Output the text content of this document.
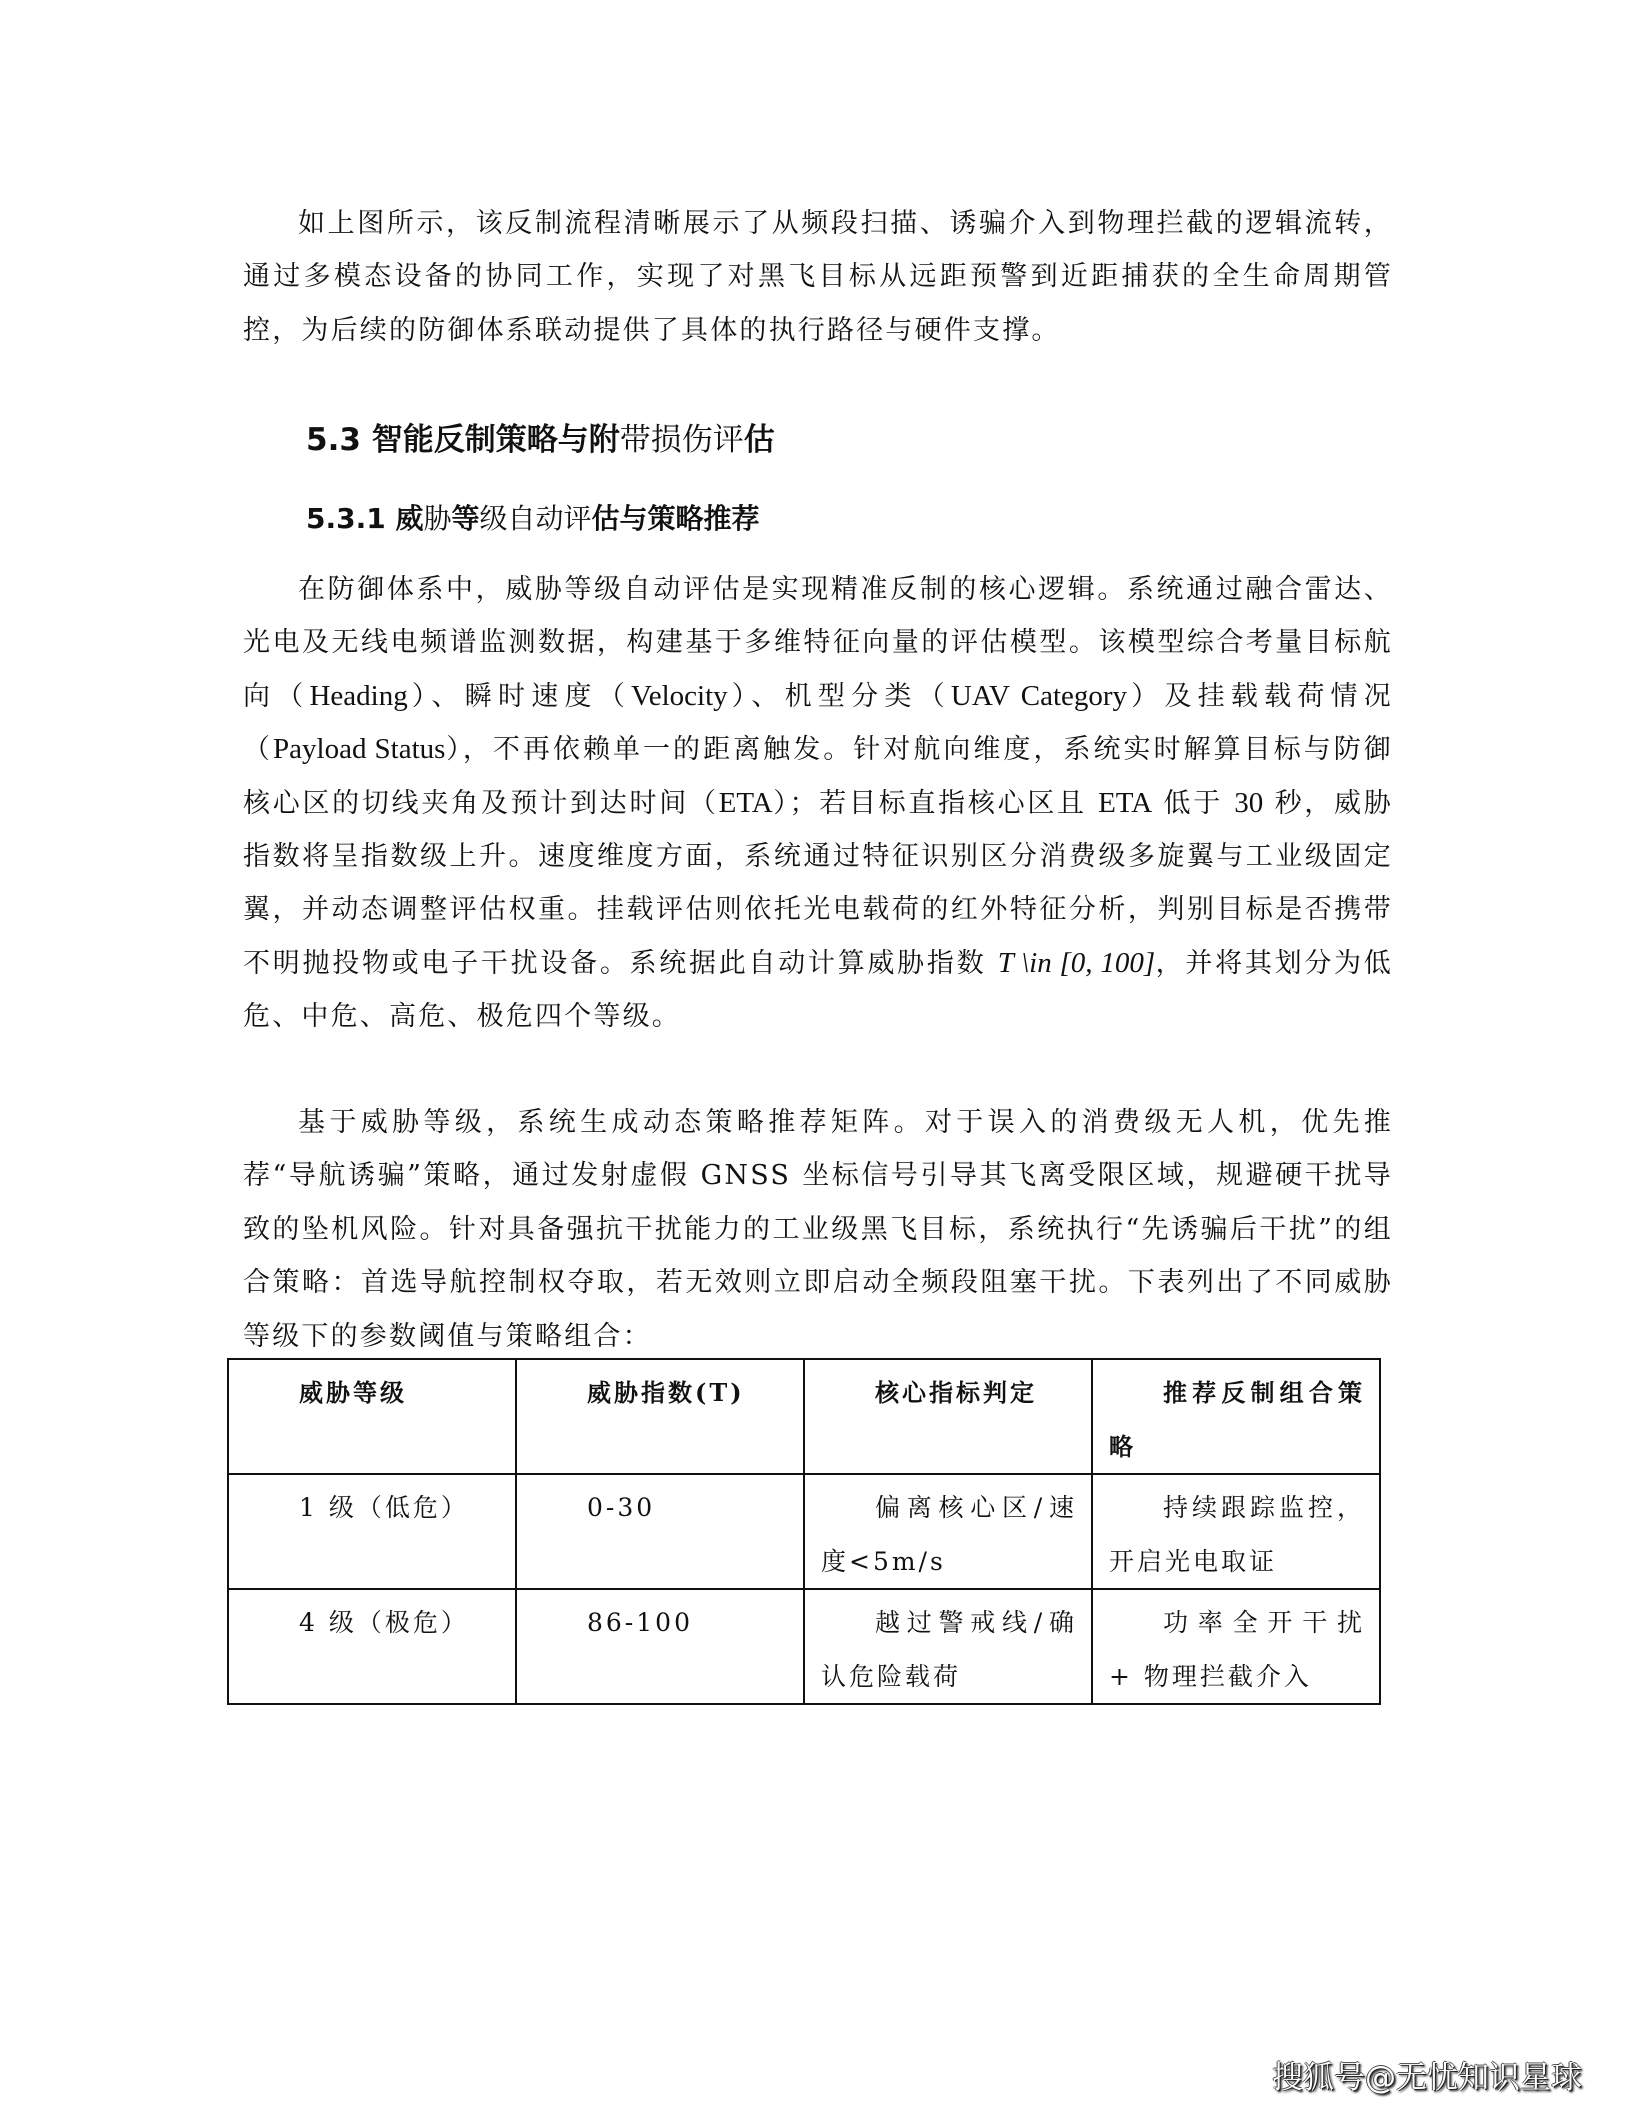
如上图所示，该反制流程清晰展示了从频段扫描、诱骗介入到物理拦截的逻辑流转，通过多模态设备的协同工作，实现了对黑飞目标从远距预警到近距捕获的全生命周期管控，为后续的防御体系联动提供了具体的执行路径与硬件支撑。

5.3 智能反制策略与附带损伤评估
5.3.1 威胁等级自动评估与策略推荐

在防御体系中，威胁等级自动评估是实现精准反制的核心逻辑。系统通过融合雷达、光电及无线电频谱监测数据，构建基于多维特征向量的评估模型。该模型综合考量目标航向（Heading）、瞬时速度（Velocity）、机型分类（UAV Category）及挂载载荷情况（Payload Status），不再依赖单一的距离触发。针对航向维度，系统实时解算目标与防御核心区的切线夹角及预计到达时间（ETA）；若目标直指核心区且 ETA 低于 30 秒，威胁指数将呈指数级上升。速度维度方面，系统通过特征识别区分消费级多旋翼与工业级固定翼，并动态调整评估权重。挂载评估则依托光电载荷的红外特征分析，判别目标是否携带不明抛投物或电子干扰设备。系统据此自动计算威胁指数 T \in [0, 100]，并将其划分为低危、中危、高危、极危四个等级。

基于威胁等级，系统生成动态策略推荐矩阵。对于误入的消费级无人机，优先推荐“导航诱骗”策略，通过发射虚假 GNSS 坐标信号引导其飞离受限区域，规避硬干扰导致的坠机风险。针对具备强抗干扰能力的工业级黑飞目标，系统执行“先诱骗后干扰”的组合策略：首选导航控制权夺取，若无效则立即启动全频段阻塞干扰。下表列出了不同威胁等级下的参数阈值与策略组合：

威胁等级	威胁指数(T)	核心指标判定	推荐反制组合策略
1 级（低危）	0-30	偏离核心区/速度<5m/s	持续跟踪监控，开启光电取证
4 级（极危）	86-100	越过警戒线/确认危险载荷	功率全开干扰 + 物理拦截介入
搜狐号@无忧知识星球
